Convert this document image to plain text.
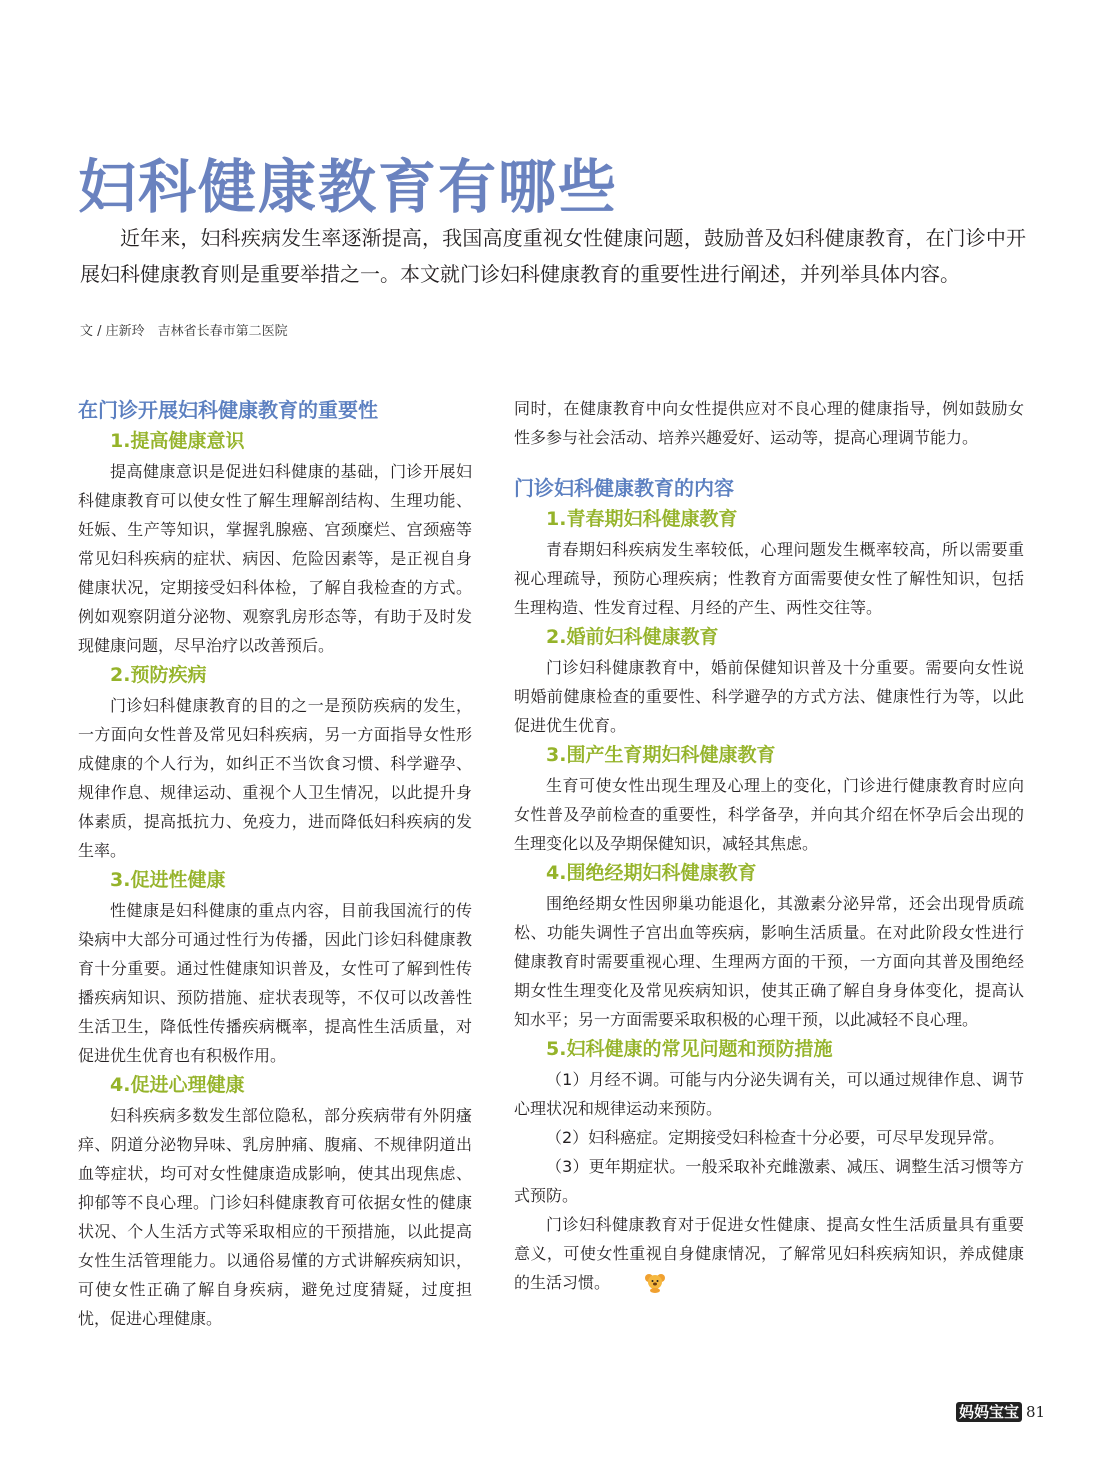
妇科健康教育有哪些

近年来，妇科疾病发生率逐渐提高，我国高度重视女性健康问题，鼓励普及妇科健康教育，在门诊中开展妇科健康教育则是重要举措之一。本文就门诊妇科健康教育的重要性进行阐述，并列举具体内容。

文 / 庄新玲　吉林省长春市第二医院
在门诊开展妇科健康教育的重要性
1.提高健康意识

提高健康意识是促进妇科健康的基础，门诊开展妇科健康教育可以使女性了解生理解剖结构、生理功能、妊娠、生产等知识，掌握乳腺癌、宫颈糜烂、宫颈癌等常见妇科疾病的症状、病因、危险因素等，是正视自身健康状况，定期接受妇科体检，了解自我检查的方式。例如观察阴道分泌物、观察乳房形态等，有助于及时发现健康问题，尽早治疗以改善预后。

2.预防疾病

门诊妇科健康教育的目的之一是预防疾病的发生，一方面向女性普及常见妇科疾病，另一方面指导女性形成健康的个人行为，如纠正不当饮食习惯、科学避孕、规律作息、规律运动、重视个人卫生情况，以此提升身体素质，提高抵抗力、免疫力，进而降低妇科疾病的发生率。

3.促进性健康

性健康是妇科健康的重点内容，目前我国流行的传染病中大部分可通过性行为传播，因此门诊妇科健康教育十分重要。通过性健康知识普及，女性可了解到性传播疾病知识、预防措施、症状表现等，不仅可以改善性生活卫生，降低性传播疾病概率，提高性生活质量，对促进优生优育也有积极作用。

4.促进心理健康

妇科疾病多数发生部位隐私，部分疾病带有外阴瘙痒、阴道分泌物异味、乳房肿痛、腹痛、不规律阴道出血等症状，均可对女性健康造成影响，使其出现焦虑、抑郁等不良心理。门诊妇科健康教育可依据女性的健康状况、个人生活方式等采取相应的干预措施，以此提高女性生活管理能力。以通俗易懂的方式讲解疾病知识，可使女性正确了解自身疾病，避免过度猜疑，过度担忧，促进心理健康。

同时，在健康教育中向女性提供应对不良心理的健康指导，例如鼓励女性多参与社会活动、培养兴趣爱好、运动等，提高心理调节能力。

门诊妇科健康教育的内容
1.青春期妇科健康教育

青春期妇科疾病发生率较低，心理问题发生概率较高，所以需要重视心理疏导，预防心理疾病；性教育方面需要使女性了解性知识，包括生理构造、性发育过程、月经的产生、两性交往等。

2.婚前妇科健康教育

门诊妇科健康教育中，婚前保健知识普及十分重要。需要向女性说明婚前健康检查的重要性、科学避孕的方式方法、健康性行为等，以此促进优生优育。

3.围产生育期妇科健康教育

生育可使女性出现生理及心理上的变化，门诊进行健康教育时应向女性普及孕前检查的重要性，科学备孕，并向其介绍在怀孕后会出现的生理变化以及孕期保健知识，减轻其焦虑。

4.围绝经期妇科健康教育

围绝经期女性因卵巢功能退化，其激素分泌异常，还会出现骨质疏松、功能失调性子宫出血等疾病，影响生活质量。在对此阶段女性进行健康教育时需要重视心理、生理两方面的干预，一方面向其普及围绝经期女性生理变化及常见疾病知识，使其正确了解自身身体变化，提高认知水平；另一方面需要采取积极的心理干预，以此减轻不良心理。

5.妇科健康的常见问题和预防措施

（1）月经不调。可能与内分泌失调有关，可以通过规律作息、调节心理状况和规律运动来预防。

（2）妇科癌症。定期接受妇科检查十分必要，可尽早发现异常。

（3）更年期症状。一般采取补充雌激素、减压、调整生活习惯等方式预防。

门诊妇科健康教育对于促进女性健康、提高女性生活质量具有重要意义，可使女性重视自身健康情况，了解常见妇科疾病知识，养成健康的生活习惯。

妈妈宝宝 81
